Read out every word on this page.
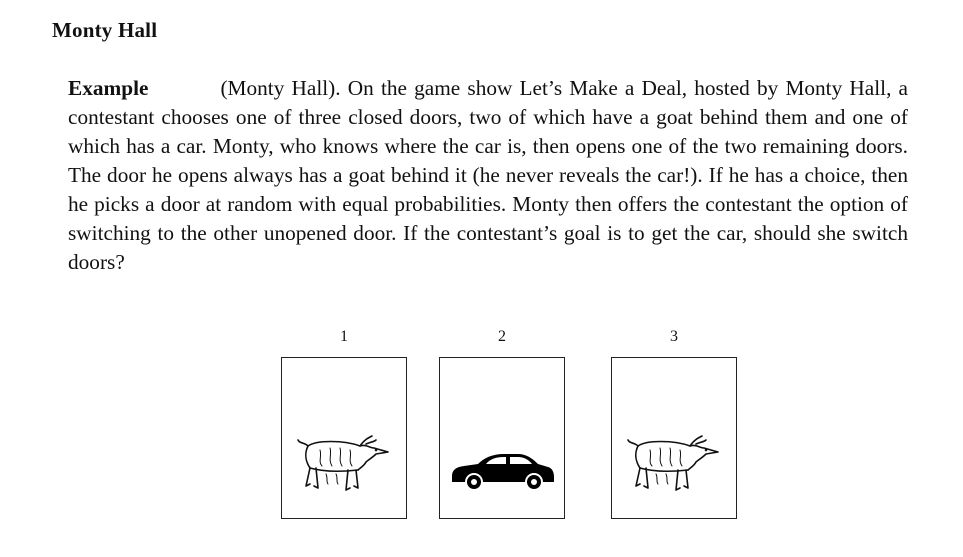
Monty Hall
Example	(Monty Hall). On the game show Let’s Make a Deal, hosted by Monty Hall, a contestant chooses one of three closed doors, two of which have a goat behind them and one of which has a car. Monty, who knows where the car is, then opens one of the two remaining doors. The door he opens always has a goat behind it (he never reveals the car!). If he has a choice, then he picks a door at random with equal probabilities. Monty then offers the contestant the option of switching to the other unopened door. If the contestant’s goal is to get the car, should she switch doors?
1	2	3
